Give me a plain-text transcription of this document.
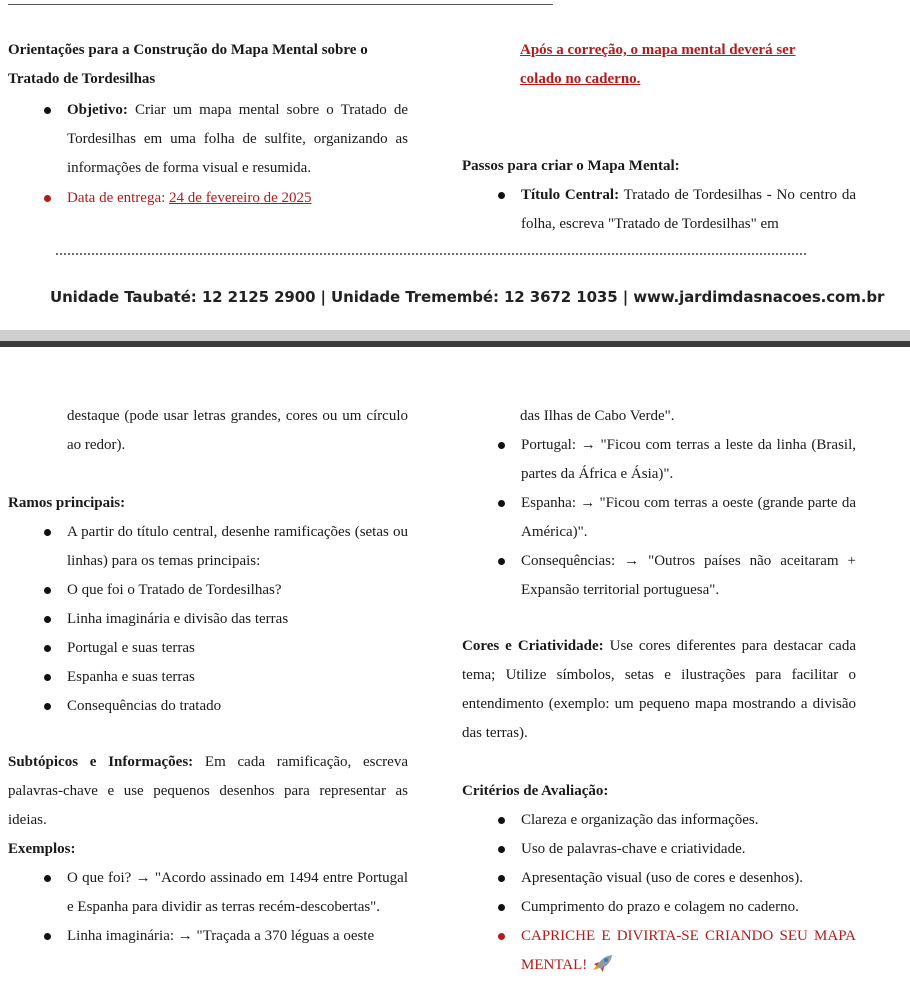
Orientações para a Construção do Mapa Mental sobre o
Tratado de Tordesilhas
Objetivo: Criar um mapa mental sobre o Tratado de Tordesilhas em uma folha de sulfite, organizando as informações de forma visual e resumida.
Data de entrega: 24 de fevereiro de 2025
Após a correção, o mapa mental deverá ser
colado no caderno.
Passos para criar o Mapa Mental:
Título Central: Tratado de Tordesilhas - No centro da folha, escreva "Tratado de Tordesilhas" em
Unidade Taubaté: 12 2125 2900 | Unidade Tremembé: 12 3672 1035 | www.jardimdasnacoes.com.br
destaque (pode usar letras grandes, cores ou um círculo ao redor).
Ramos principais:
A partir do título central, desenhe ramificações (setas ou linhas) para os temas principais:
O que foi o Tratado de Tordesilhas?
Linha imaginária e divisão das terras
Portugal e suas terras
Espanha e suas terras
Consequências do tratado
Subtópicos e Informações: Em cada ramificação, escreva palavras-chave e use pequenos desenhos para representar as ideias.
Exemplos:
O que foi? → "Acordo assinado em 1494 entre Portugal e Espanha para dividir as terras recém-descobertas".
Linha imaginária: → "Traçada a 370 léguas a oeste
das Ilhas de Cabo Verde".
Portugal: → "Ficou com terras a leste da linha (Brasil, partes da África e Ásia)".
Espanha: → "Ficou com terras a oeste (grande parte da América)".
Consequências: → "Outros países não aceitaram + Expansão territorial portuguesa".
Cores e Criatividade: Use cores diferentes para destacar cada tema; Utilize símbolos, setas e ilustrações para facilitar o entendimento (exemplo: um pequeno mapa mostrando a divisão das terras).
Critérios de Avaliação:
Clareza e organização das informações.
Uso de palavras-chave e criatividade.
Apresentação visual (uso de cores e desenhos).
Cumprimento do prazo e colagem no caderno.
CAPRICHE E DIVIRTA-SE CRIANDO SEU MAPA MENTAL!
